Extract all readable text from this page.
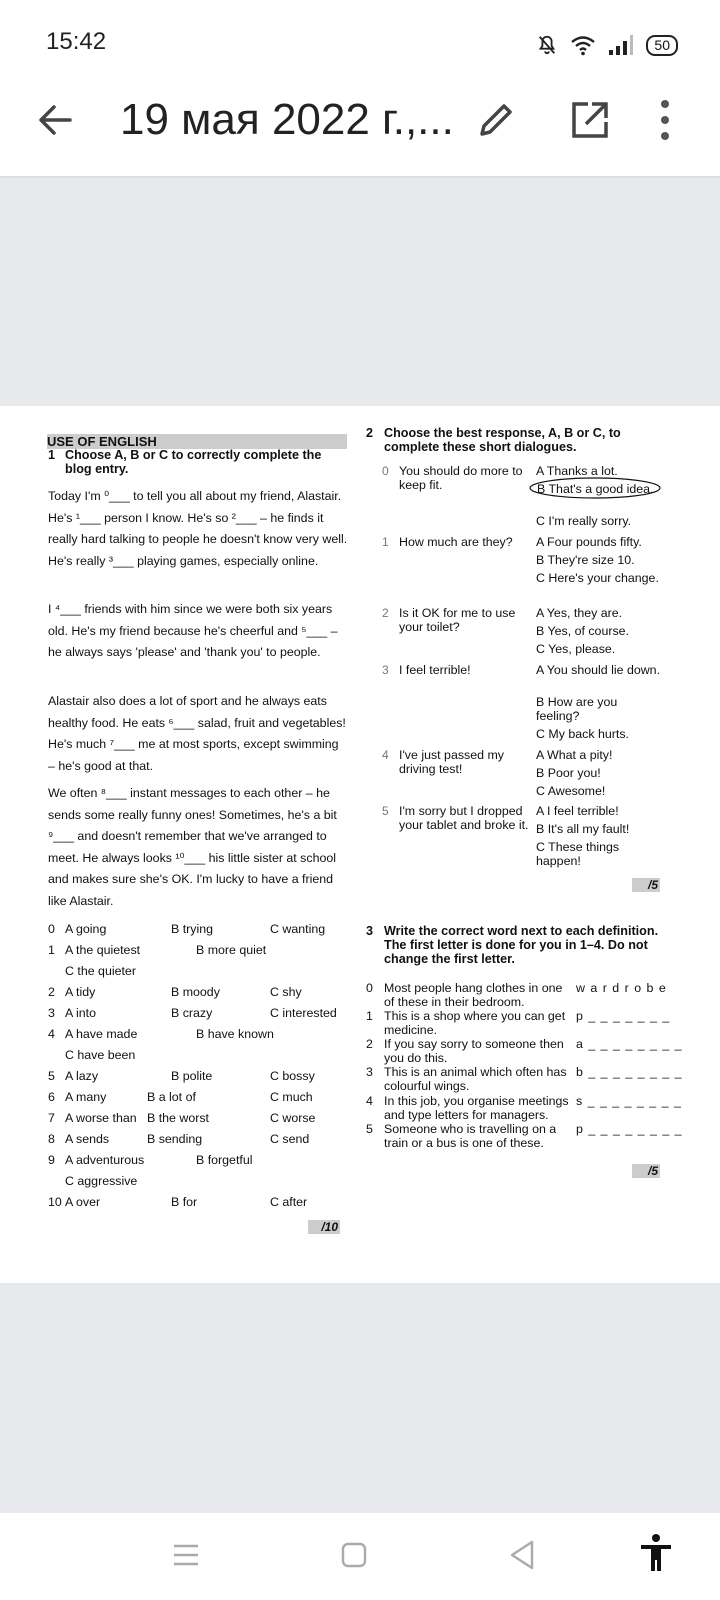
15:42	50
19 мая 2022 г.,...
USE OF ENGLISH
1 Choose A, B or C to correctly complete the blog entry.
Today I'm ⁰___ to tell you all about my friend, Alastair. He's ¹___ person I know. He's so ²___ – he finds it really hard talking to people he doesn't know very well. He's really ³___ playing games, especially online.
I ⁴___ friends with him since we were both six years old. He's my friend because he's cheerful and ⁵___ – he always says 'please' and 'thank you' to people.
Alastair also does a lot of sport and he always eats healthy food. He eats ⁶___ salad, fruit and vegetables! He's much ⁷___ me at most sports, except swimming – he's good at that.
We often ⁸___ instant messages to each other – he sends some really funny ones! Sometimes, he's a bit ⁹___ and doesn't remember that we've arranged to meet. He always looks ¹⁰___ his little sister at school and makes sure she's OK. I'm lucky to have a friend like Alastair.
0 A going	B trying	C wanting
1 A the quietest	B more quiet
C the quieter
2 A tidy	B moody	C shy
3 A into	B crazy	C interested
4 A have made	B have known
C have been
5 A lazy	B polite	C bossy
6 A many	B a lot of	C much
7 A worse than B the worst	C worse
8 A sends	B sending	C send
9 A adventurous	B forgetful
C aggressive
10 A over	B for	C after
/10
2 Choose the best response, A, B or C, to complete these short dialogues.
0 You should do more to keep fit.
A Thanks a lot.
B That's a good idea.
C I'm really sorry.
1 How much are they?	A Four pounds fifty.
B They're size 10.
C Here's your change.
2 Is it OK for me to use your toilet?
A Yes, they are.
B Yes, of course.
C Yes, please.
3 I feel terrible!	A You should lie down.
B How are you feeling?
C My back hurts.
4 I've just passed my driving test!
A What a pity!
B Poor you!
C Awesome!
5 I'm sorry but I dropped your tablet and broke it.
A I feel terrible!
B It's all my fault!
C These things happen!
/5
3 Write the correct word next to each definition. The first letter is done for you in 1–4. Do not change the first letter.
0 Most people hang clothes in one of these in their bedroom.
w a r d r o b e
1 This is a shop where you can get medicine.
p _ _ _ _ _ _ _
2 If you say sorry to someone then you do this.
a _ _ _ _ _ _ _ _
3 This is an animal which often has colourful wings.
b _ _ _ _ _ _ _ _
4 In this job, you organise meetings and type letters for managers.
s _ _ _ _ _ _ _ _
5 Someone who is travelling on a train or a bus is one of these.
p _ _ _ _ _ _ _ _
/5
